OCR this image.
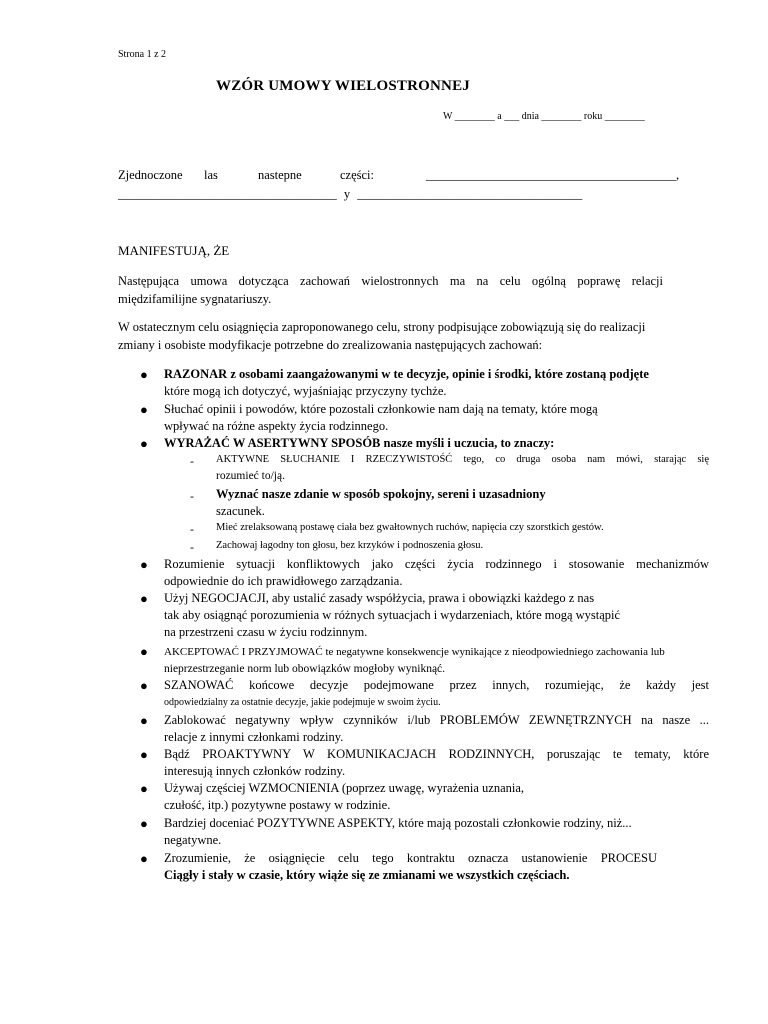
Strona 1 z 2
WZÓR UMOWY WIELOSTRONNEJ
W ________ a ___ dnia ________ roku ________
Zjednoczone las	nastepne	części:	________________________________________,
___________________________________ y ____________________________________
MANIFESTUJĄ, ŻE
Następująca umowa dotycząca zachowań wielostronnych ma na celu ogólną poprawę relacji
międzifamilijne sygnatariuszy.
W ostatecznym celu osiągnięcia zaproponowanego celu, strony podpisujące zobowiązują się do realizacji
zmiany i osobiste modyfikacje potrzebne do zrealizowania następujących zachowań:
● RAZONAR z osobami zaangażowanymi w te decyzje, opinie i środki, które zostaną podjęte
które mogą ich dotyczyć, wyjaśniając przyczyny tychże.
● Słuchać opinii i powodów, które pozostali członkowie nam dają na tematy, które mogą
wpływać na różne aspekty życia rodzinnego.
● WYRAŻAĆ W ASERTYWNY SPOSÓB nasze myśli i uczucia, to znaczy:
- AKTYWNE SŁUCHANIE I RZECZYWISTOŚĆ tego, co druga osoba nam mówi, starając się
rozumieć to/ją.
- Wyznać nasze zdanie w sposób spokojny, sereni i uzasadniony
szacunek.
- Mieć zrelaksowaną postawę ciała bez gwałtownych ruchów, napięcia czy szorstkich gestów.
- Zachowaj łagodny ton głosu, bez krzyków i podnoszenia głosu.
● Rozumienie sytuacji konfliktowych jako części życia rodzinnego i stosowanie mechanizmów
odpowiednie do ich prawidłowego zarządzania.
● Użyj NEGOCJACJI, aby ustalić zasady współżycia, prawa i obowiązki każdego z nas
tak aby osiągnąć porozumienia w różnych sytuacjach i wydarzeniach, które mogą wystąpić
na przestrzeni czasu w życiu rodzinnym.
● AKCEPTOWAĆ I PRZYJMOWAĆ te negatywne konsekwencje wynikające z nieodpowiedniego zachowania lub
nieprzestrzeganie norm lub obowiązków mogłoby wyniknąć.
● SZANOWAĆ końcowe decyzje podejmowane przez innych, rozumiejąc, że każdy jest
odpowiedzialny za ostatnie decyzje, jakie podejmuje w swoim życiu.
● Zablokować negatywny wpływ czynników i/lub PROBLEMÓW ZEWNĘTRZNYCH na nasze ...
relacje z innymi członkami rodziny.
● Bądź PROAKTYWNY W KOMUNIKACJACH RODZINNYCH, poruszając te tematy, które
interesują innych członków rodziny.
● Używaj częściej WZMOCNIENIA (poprzez uwagę, wyrażenia uznania,
czułość, itp.) pozytywne postawy w rodzinie.
● Bardziej doceniać POZYTYWNE ASPEKTY, które mają pozostali członkowie rodziny, niż...
negatywne.
● Zrozumienie, że osiągnięcie celu tego kontraktu oznacza ustanowienie PROCESU
Ciągły i stały w czasie, który wiąże się ze zmianami we wszystkich częściach.
